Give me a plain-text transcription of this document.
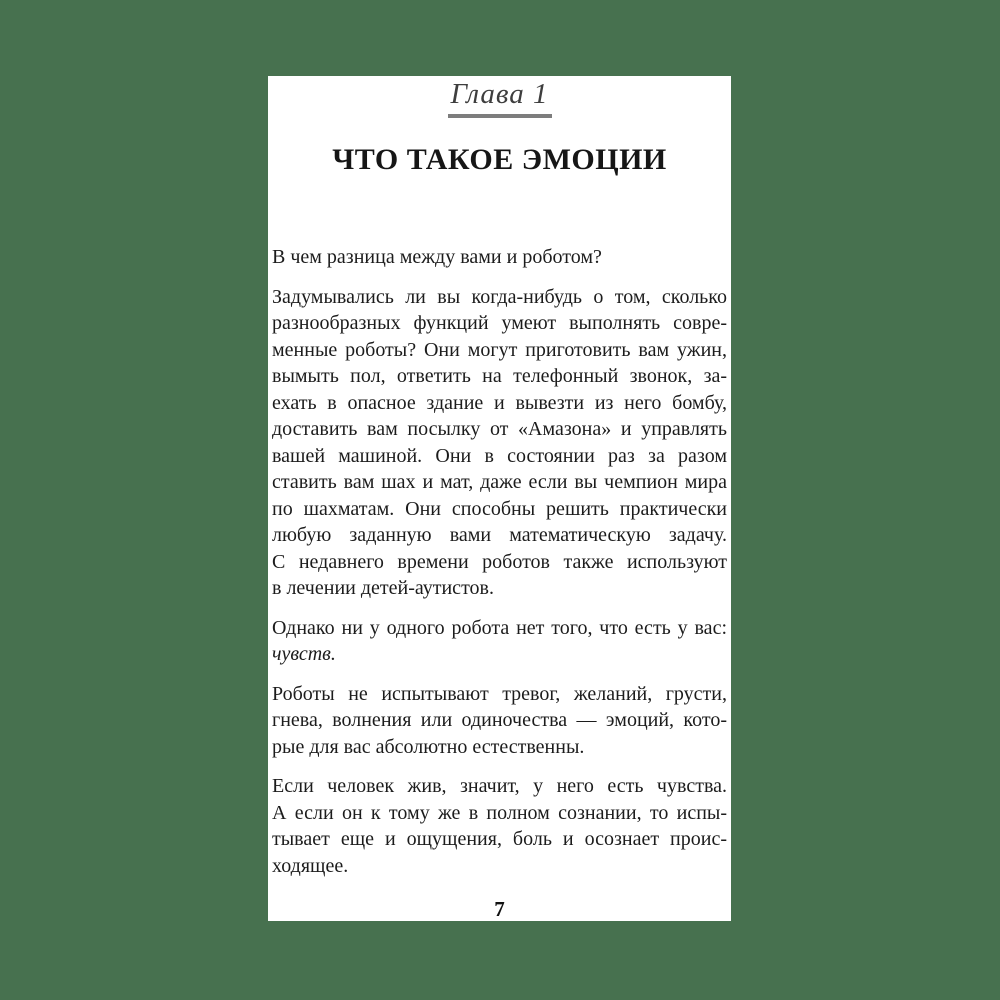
Глава 1
ЧТО ТАКОЕ ЭМОЦИИ
В чем разница между вами и роботом?
Задумывались ли вы когда-нибудь о том, сколько
разнообразных функций умеют выполнять совре-
менные роботы? Они могут приготовить вам ужин,
вымыть пол, ответить на телефонный звонок, за-
ехать в опасное здание и вывезти из него бомбу,
доставить вам посылку от «Амазона» и управлять
вашей машиной. Они в состоянии раз за разом
ставить вам шах и мат, даже если вы чемпион мира
по шахматам. Они способны решить практически
любую заданную вами математическую задачу.
С недавнего времени роботов также используют
в лечении детей-аутистов.
Однако ни у одного робота нет того, что есть у вас:
чувств.
Роботы не испытывают тревог, желаний, грусти,
гнева, волнения или одиночества — эмоций, кото-
рые для вас абсолютно естественны.
Если человек жив, значит, у него есть чувства.
А если он к тому же в полном сознании, то испы-
тывает еще и ощущения, боль и осознает проис-
ходящее.
7
